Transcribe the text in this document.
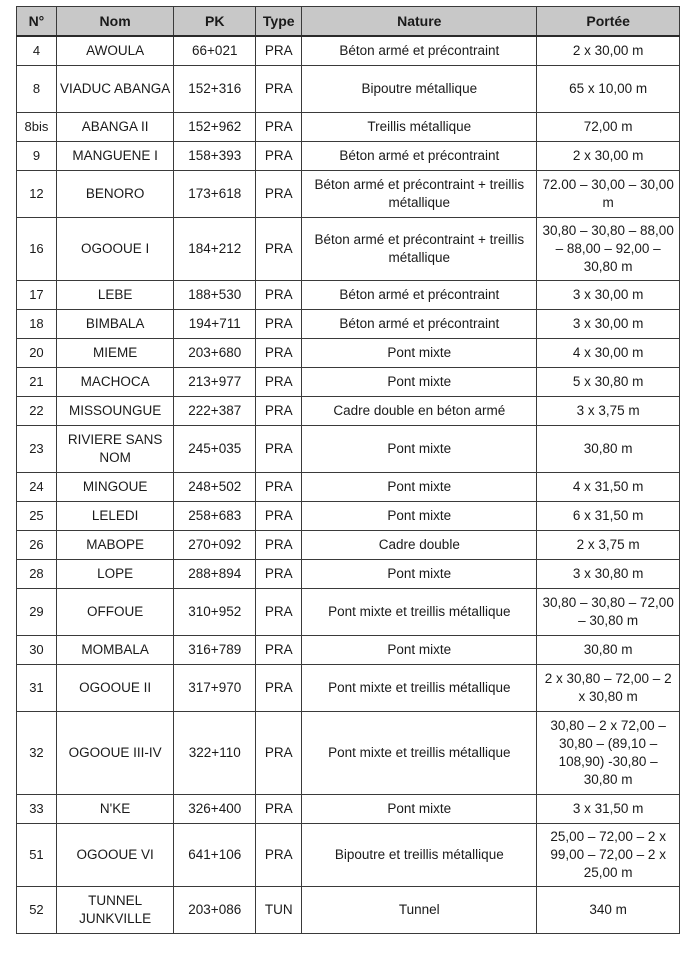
N°	Nom	PK	Type	Nature	Portée
4	AWOULA	66+021	PRA	Béton armé et précontraint	2 x 30,00 m
8	VIADUC ABANGA	152+316	PRA	Bipoutre métallique	65 x 10,00 m
8bis	ABANGA II	152+962	PRA	Treillis métallique	72,00 m
9	MANGUENE I	158+393	PRA	Béton armé et précontraint	2 x 30,00 m
12	BENORO	173+618	PRA	Béton armé et précontraint + treillis métallique	72.00 – 30,00 – 30,00 m
16	OGOOUE I	184+212	PRA	Béton armé et précontraint + treillis métallique	30,80 – 30,80 – 88,00 – 88,00 – 92,00 – 30,80 m
17	LEBE	188+530	PRA	Béton armé et précontraint	3 x 30,00 m
18	BIMBALA	194+711	PRA	Béton armé et précontraint	3 x 30,00 m
20	MIEME	203+680	PRA	Pont mixte	4 x 30,00 m
21	MACHOCA	213+977	PRA	Pont mixte	5 x 30,80 m
22	MISSOUNGUE	222+387	PRA	Cadre double en béton armé	3 x 3,75 m
23	RIVIERE SANS NOM	245+035	PRA	Pont mixte	30,80 m
24	MINGOUE	248+502	PRA	Pont mixte	4 x 31,50 m
25	LELEDI	258+683	PRA	Pont mixte	6 x 31,50 m
26	MABOPE	270+092	PRA	Cadre double	2 x 3,75 m
28	LOPE	288+894	PRA	Pont mixte	3 x 30,80 m
29	OFFOUE	310+952	PRA	Pont mixte et treillis métallique	30,80 – 30,80 – 72,00 – 30,80 m
30	MOMBALA	316+789	PRA	Pont mixte	30,80 m
31	OGOOUE II	317+970	PRA	Pont mixte et treillis métallique	2 x 30,80 – 72,00 – 2 x 30,80 m
32	OGOOUE III-IV	322+110	PRA	Pont mixte et treillis métallique	30,80 – 2 x 72,00 – 30,80 – (89,10 – 108,90) -30,80 – 30,80 m
33	N'KE	326+400	PRA	Pont mixte	3 x 31,50 m
51	OGOOUE VI	641+106	PRA	Bipoutre et treillis métallique	25,00 – 72,00 – 2 x 99,00 – 72,00 – 2 x 25,00 m
52	TUNNEL JUNKVILLE	203+086	TUN	Tunnel	340 m
